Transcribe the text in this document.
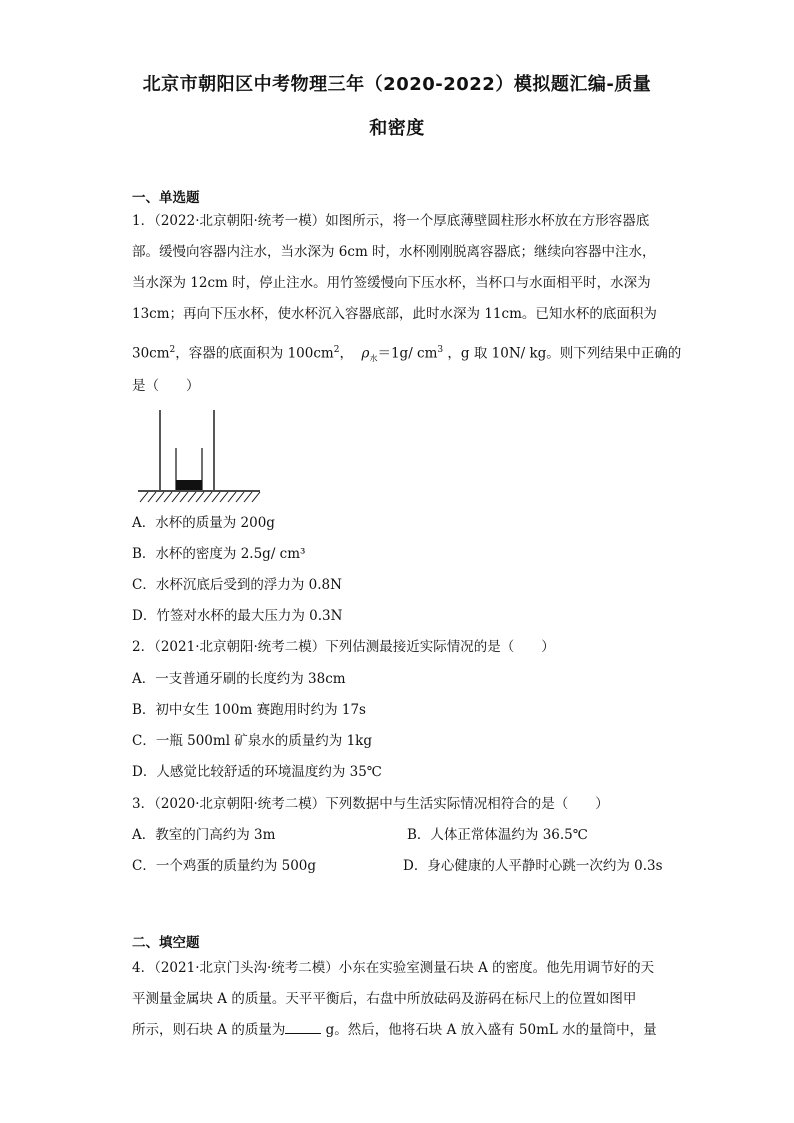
北京市朝阳区中考物理三年（2020-2022）模拟题汇编-质量
和密度
一、单选题
1．（2022·北京朝阳·统考一模）如图所示，将一个厚底薄壁圆柱形水杯放在方形容器底
部。缓慢向容器内注水，当水深为 6cm 时，水杯刚刚脱离容器底；继续向容器中注水，
当水深为 12cm 时，停止注水。用竹签缓慢向下压水杯，当杯口与水面相平时，水深为
13cm；再向下压水杯，使水杯沉入容器底部，此时水深为 11cm。已知水杯的底面积为
$30cm^2$，容器的底面积为 $100cm^2$， $\rho_水=1g/$ $cm^3$ ，g 取 10N/ kg。则下列结果中正确的
是（　　）
A．水杯的质量为 200g
B．水杯的密度为 2.5g/ cm³
C．水杯沉底后受到的浮力为 0.8N
D．竹签对水杯的最大压力为 0.3N
2．（2021·北京朝阳·统考二模）下列估测最接近实际情况的是（　　）
A．一支普通牙刷的长度约为 38cm
B．初中女生 100m 赛跑用时约为 17s
C．一瓶 500ml 矿泉水的质量约为 1kg
D．人感觉比较舒适的环境温度约为 35℃
3．（2020·北京朝阳·统考二模）下列数据中与生活实际情况相符合的是（　　）
A．教室的门高约为 3m	B．人体正常体温约为 36.5℃
C．一个鸡蛋的质量约为 500g	D．身心健康的人平静时心跳一次约为 0.3s
二、填空题
4．（2021·北京门头沟·统考二模）小东在实验室测量石块 A 的密度。他先用调节好的天
平测量金属块 A 的质量。天平平衡后，右盘中所放砝码及游码在标尺上的位置如图甲
所示，则石块 A 的质量为	g。然后，他将石块 A 放入盛有 50mL 水的量筒中，量
